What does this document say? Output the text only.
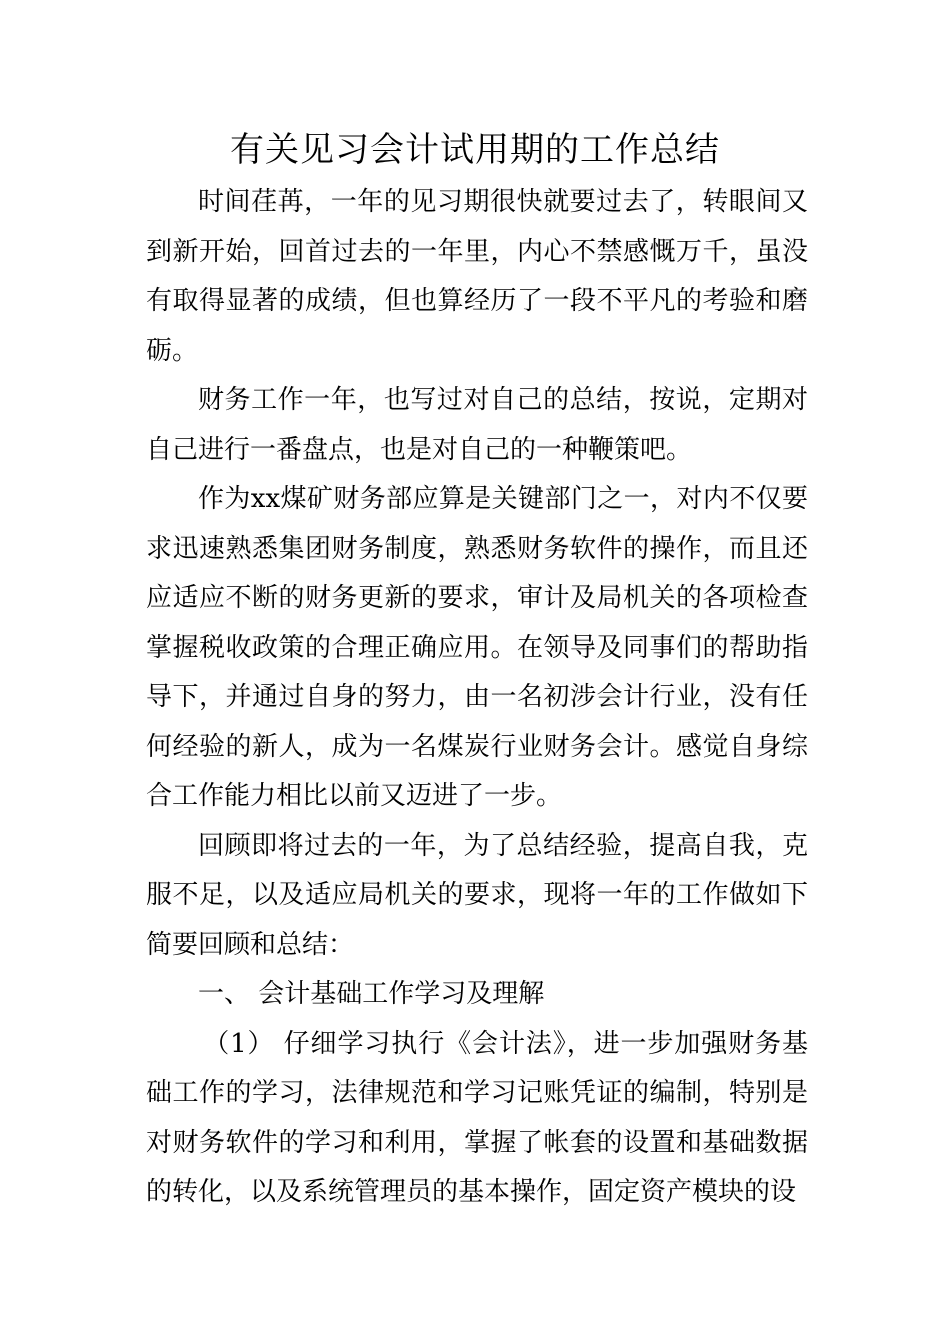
有关见习会计试用期的工作总结

时间荏苒，一年的见习期很快就要过去了，转眼间又到新开始，回首过去的一年里，内心不禁感慨万千，虽没有取得显著的成绩，但也算经历了一段不平凡的考验和磨砺。

财务工作一年，也写过对自己的总结，按说，定期对自己进行一番盘点，也是对自己的一种鞭策吧。

作为xx煤矿财务部应算是关键部门之一，对内不仅要求迅速熟悉集团财务制度，熟悉财务软件的操作，而且还应适应不断的财务更新的要求，审计及局机关的各项检查掌握税收政策的合理正确应用。在领导及同事们的帮助指导下，并通过自身的努力，由一名初涉会计行业，没有任何经验的新人，成为一名煤炭行业财务会计。感觉自身综合工作能力相比以前又迈进了一步。

回顾即将过去的一年，为了总结经验，提高自我，克服不足，以及适应局机关的要求，现将一年的工作做如下简要回顾和总结：

一、 会计基础工作学习及理解

（1） 仔细学习执行《会计法》，进一步加强财务基础工作的学习，法律规范和学习记账凭证的编制，特别是对财务软件的学习和利用，掌握了帐套的设置和基础数据的转化，以及系统管理员的基本操作，固定资产模块的设
